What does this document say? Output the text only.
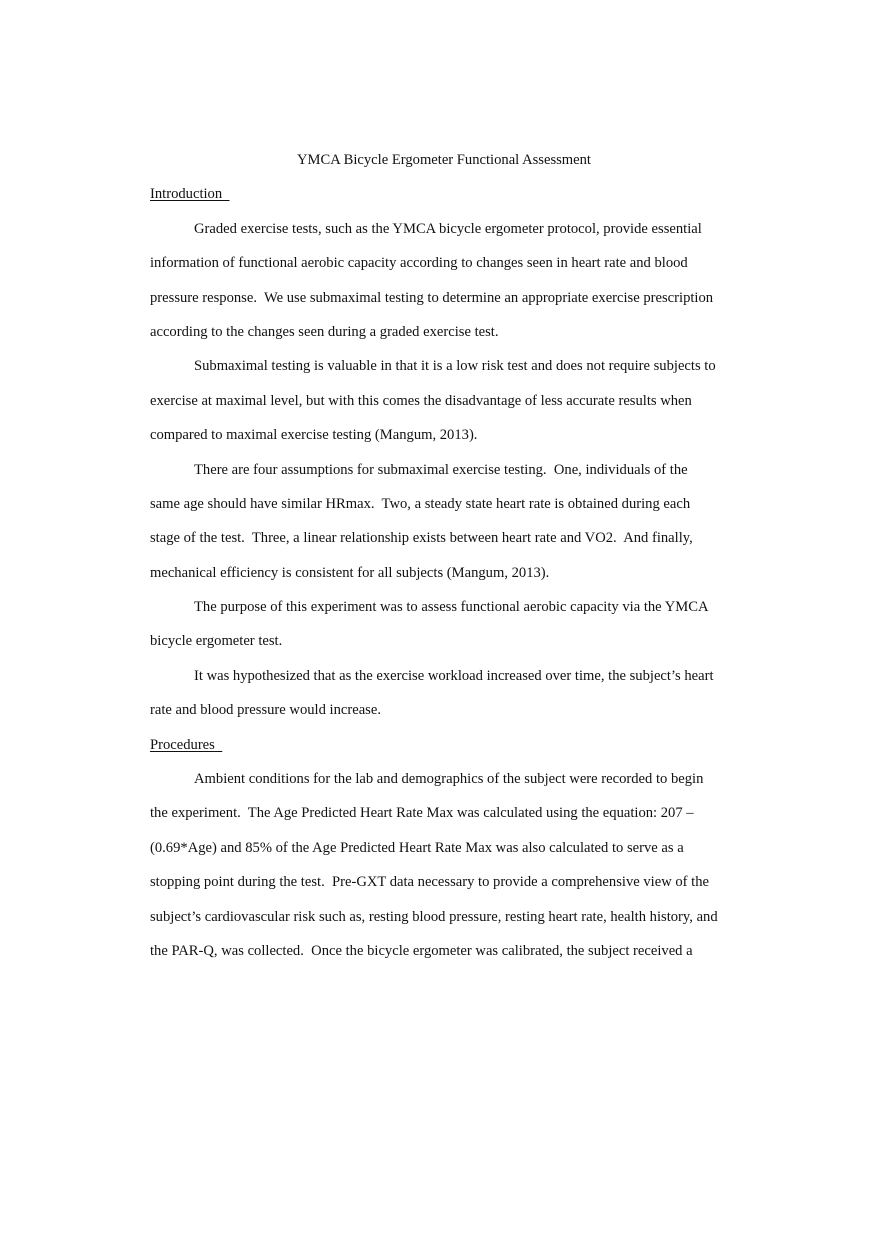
YMCA Bicycle Ergometer Functional Assessment
Introduction
Graded exercise tests, such as the YMCA bicycle ergometer protocol, provide essential
information of functional aerobic capacity according to changes seen in heart rate and blood
pressure response.  We use submaximal testing to determine an appropriate exercise prescription
according to the changes seen during a graded exercise test.
Submaximal testing is valuable in that it is a low risk test and does not require subjects to
exercise at maximal level, but with this comes the disadvantage of less accurate results when
compared to maximal exercise testing (Mangum, 2013).
There are four assumptions for submaximal exercise testing.  One, individuals of the
same age should have similar HRmax.  Two, a steady state heart rate is obtained during each
stage of the test.  Three, a linear relationship exists between heart rate and VO2.  And finally,
mechanical efficiency is consistent for all subjects (Mangum, 2013).
The purpose of this experiment was to assess functional aerobic capacity via the YMCA
bicycle ergometer test.
It was hypothesized that as the exercise workload increased over time, the subject’s heart
rate and blood pressure would increase.
Procedures
Ambient conditions for the lab and demographics of the subject were recorded to begin
the experiment.  The Age Predicted Heart Rate Max was calculated using the equation: 207 –
(0.69*Age) and 85% of the Age Predicted Heart Rate Max was also calculated to serve as a
stopping point during the test.  Pre-GXT data necessary to provide a comprehensive view of the
subject’s cardiovascular risk such as, resting blood pressure, resting heart rate, health history, and
the PAR-Q, was collected.  Once the bicycle ergometer was calibrated, the subject received a
